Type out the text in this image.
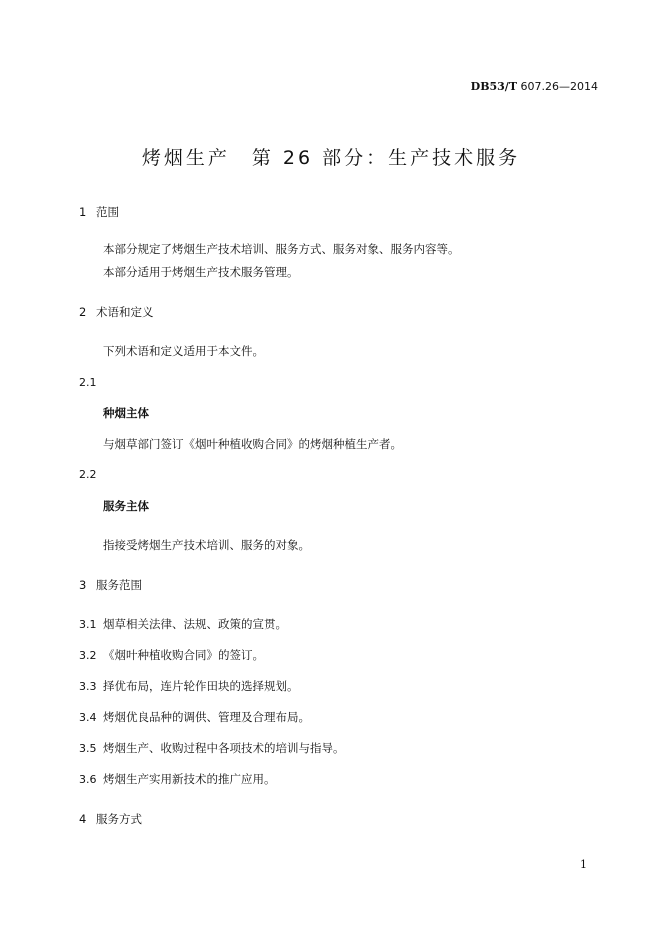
DB53/T 607.26—2014
烤烟生产 第 26 部分：生产技术服务
1 范围
本部分规定了烤烟生产技术培训、服务方式、服务对象、服务内容等。
本部分适用于烤烟生产技术服务管理。
2 术语和定义
下列术语和定义适用于本文件。
2.1
种烟主体
与烟草部门签订《烟叶种植收购合同》的烤烟种植生产者。
2.2
服务主体
指接受烤烟生产技术培训、服务的对象。
3 服务范围
3.1 烟草相关法律、法规、政策的宣贯。
3.2 《烟叶种植收购合同》的签订。
3.3 择优布局，连片轮作田块的选择规划。
3.4 烤烟优良品种的调供、管理及合理布局。
3.5 烤烟生产、收购过程中各项技术的培训与指导。
3.6 烤烟生产实用新技术的推广应用。
4 服务方式
1
